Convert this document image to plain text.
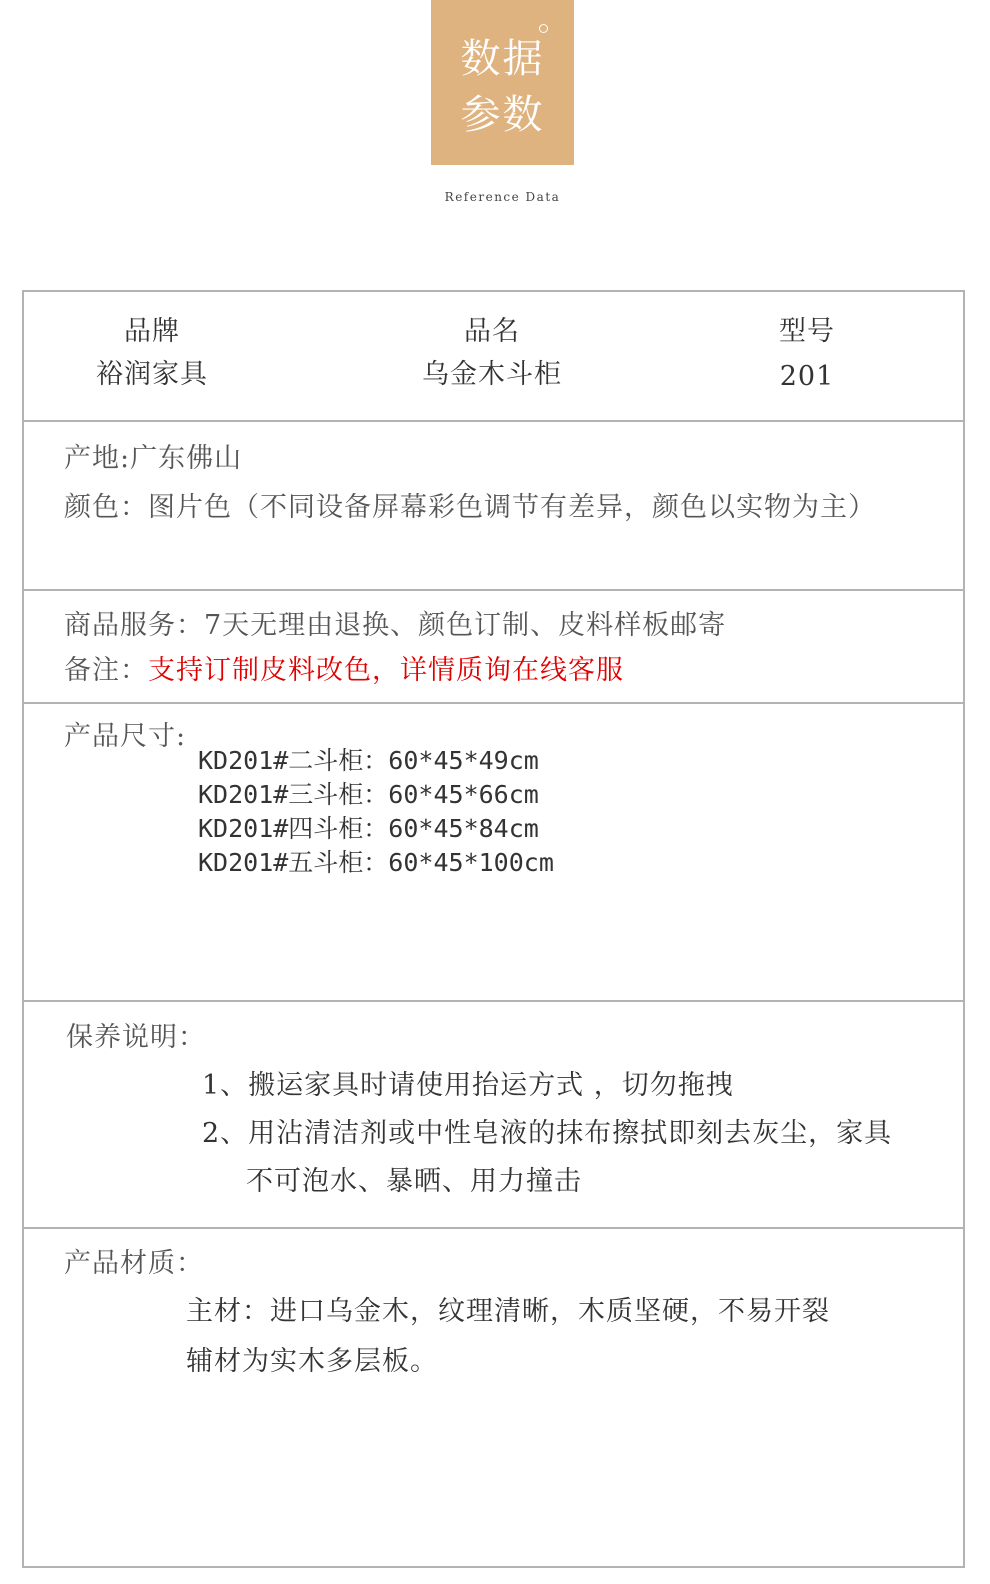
数据
参数
Reference Data
品牌
裕润家具
品名
乌金木斗柜
型号
201
产地:广东佛山
颜色：图片色（不同设备屏幕彩色调节有差异，颜色以实物为主）
商品服务：7天无理由退换、颜色订制、皮料样板邮寄
备注：支持订制皮料改色，详情质询在线客服
产品尺寸:
KD201#二斗柜：60*45*49cm
KD201#三斗柜：60*45*66cm
KD201#四斗柜：60*45*84cm
KD201#五斗柜：60*45*100cm
保养说明：
1、搬运家具时请使用抬运方式 ，切勿拖拽
2、用沾清洁剂或中性皂液的抹布擦拭即刻去灰尘，家具
不可泡水、暴晒、用力撞击
产品材质：
主材：进口乌金木，纹理清晰，木质坚硬，不易开裂
辅材为实木多层板。
